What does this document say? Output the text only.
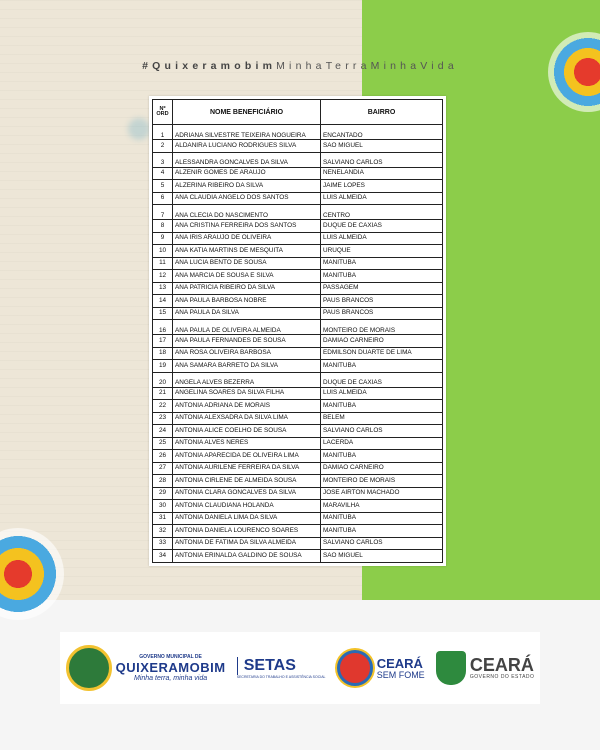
#QuixeramobimMinhaTerraMinhaVida
Nº ORD	NOME BENEFICIÁRIO	BAIRRO
1	ADRIANA SILVESTRE TEIXEIRA NOGUEIRA	ENCANTADO
2	ALDANIRA LUCIANO RODRIGUES SILVA	SAO MIGUEL
3	ALESSANDRA GONCALVES DA SILVA	SALVIANO CARLOS
4	ALZENIR GOMES DE ARAUJO	NENELANDIA
5	ALZERINA RIBEIRO DA SILVA	JAIME LOPES
6	ANA CLAUDIA ANGELO DOS SANTOS	LUIS ALMEIDA
7	ANA CLECIA DO NASCIMENTO	CENTRO
8	ANA CRISTINA FERREIRA DOS SANTOS	DUQUE DE CAXIAS
9	ANA IRIS ARAUJO DE OLIVEIRA	LUIS ALMEIDA
10	ANA KATIA MARTINS DE MESQUITA	URUQUE
11	ANA LUCIA BENTO DE SOUSA	MANITUBA
12	ANA MARCIA DE SOUSA E SILVA	MANITUBA
13	ANA PATRICIA RIBEIRO DA SILVA	PASSAGEM
14	ANA PAULA BARBOSA NOBRE	PAUS BRANCOS
15	ANA PAULA DA SILVA	PAUS BRANCOS
16	ANA PAULA DE OLIVEIRA ALMEIDA	MONTEIRO DE MORAIS
17	ANA PAULA FERNANDES DE SOUSA	DAMIAO CARNEIRO
18	ANA ROSA OLIVEIRA BARBOSA	EDMILSON DUARTE DE LIMA
19	ANA SAMARA BARRETO DA SILVA	MANITUBA
20	ANGELA ALVES BEZERRA	DUQUE DE CAXIAS
21	ANGELINA SOARES DA SILVA FILHA	LUIS ALMEIDA
22	ANTONIA ADRIANA DE MORAIS	MANITUBA
23	ANTONIA ALEXSADRA DA SILVA LIMA	BELEM
24	ANTONIA ALICE COELHO DE SOUSA	SALVIANO CARLOS
25	ANTONIA ALVES NERES	LACERDA
26	ANTONIA APARECIDA DE OLIVEIRA LIMA	MANITUBA
27	ANTONIA AURILENE FERREIRA DA SILVA	DAMIAO CARNEIRO
28	ANTONIA CIRLENE DE ALMEIDA SOUSA	MONTEIRO DE MORAIS
29	ANTONIA CLARA GONCALVES DA SILVA	JOSE AIRTON MACHADO
30	ANTONIA CLAUDIANA HOLANDA	MARAVILHA
31	ANTONIA DANIELA LIMA DA SILVA	MANITUBA
32	ANTONIA DANIELA LOURENCO SOARES	MANITUBA
33	ANTONIA DE FATIMA DA SILVA ALMEIDA	SALVIANO CARLOS
34	ANTONIA ERINALDA GALDINO DE SOUSA	SAO MIGUEL
GOVERNO MUNICIPAL DE
QUIXERAMOBIM
Minha terra, minha vida
SETAS
SECRETARIA DO TRABALHO E ASSISTÊNCIA SOCIAL
CEARÁ
SEM FOME	CEARÁ
GOVERNO DO ESTADO
